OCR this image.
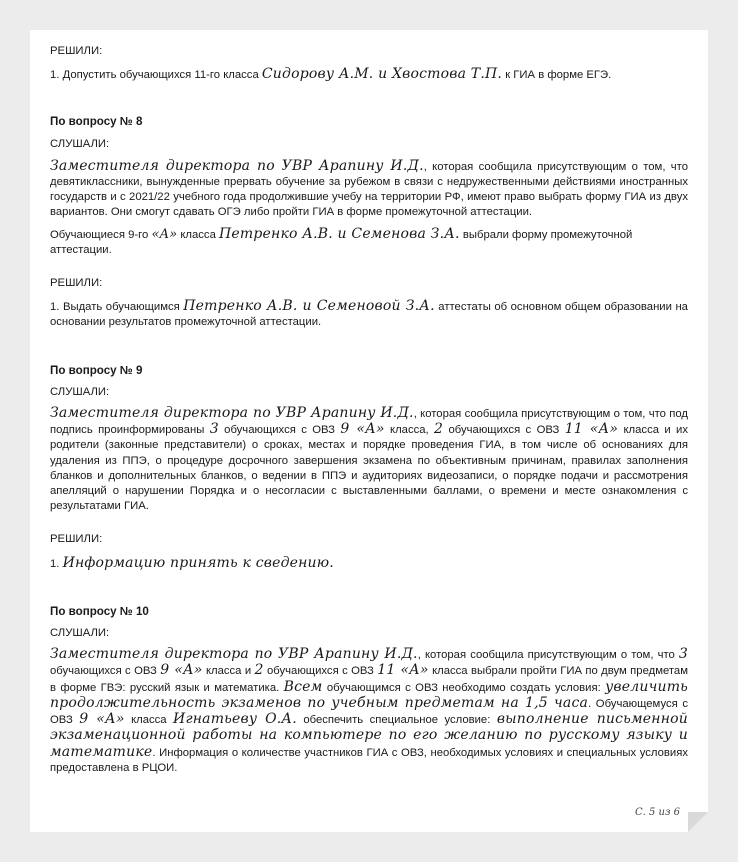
РЕШИЛИ:

1. Допустить обучающихся 11-го класса Сидорову А.М. и Хвостова Т.П. к ГИА в форме ЕГЭ.

По вопросу № 8

СЛУШАЛИ:

Заместителя директора по УВР Арапину И.Д., которая сообщила присутствующим о том, что девятиклассники, вынужденные прервать обучение за рубежом в связи с недружественными действиями иностранных государств и с 2021/22 учебного года продолжившие учебу на территории РФ, имеют право выбрать форму ГИА из двух вариантов. Они смогут сдавать ОГЭ либо пройти ГИА в форме промежуточной аттестации.

Обучающиеся 9-го «А» класса Петренко А.В. и Семенова З.А. выбрали форму промежуточной аттестации.

РЕШИЛИ:

1. Выдать обучающимся Петренко А.В. и Семеновой З.А. аттестаты об основном общем образовании на основании результатов промежуточной аттестации.

По вопросу № 9

СЛУШАЛИ:

Заместителя директора по УВР Арапину И.Д., которая сообщила присутствующим о том, что под подпись проинформированы 3 обучающихся с ОВЗ 9 «А» класса, 2 обучающихся с ОВЗ 11 «А» класса и их родители (законные представители) о сроках, местах и порядке проведения ГИА, в том числе об основаниях для удаления из ППЭ, о процедуре досрочного завершения экзамена по объективным причинам, правилах заполнения бланков и дополнительных бланков, о ведении в ППЭ и аудиториях видеозаписи, о порядке подачи и рассмотрения апелляций о нарушении Порядка и о несогласии с выставленными баллами, о времени и месте ознакомления с результатами ГИА.

РЕШИЛИ:

1. Информацию принять к сведению.

По вопросу № 10

СЛУШАЛИ:

Заместителя директора по УВР Арапину И.Д., которая сообщила присутствующим о том, что 3 обучающихся с ОВЗ 9 «А» класса и 2 обучающихся с ОВЗ 11 «А» класса выбрали пройти ГИА по двум предметам в форме ГВЭ: русский язык и математика. Всем обучающимся с ОВЗ необходимо создать условия: увеличить продолжительность экзаменов по учебным предметам на 1,5 часа. Обучающемуся с ОВЗ 9 «А» класса Игнатьеву О.А. обеспечить специальное условие: выполнение письменной экзаменационной работы на компьютере по его желанию по русскому языку и математике. Информация о количестве участников ГИА с ОВЗ, необходимых условиях и специальных условиях предоставлена в РЦОИ.

С. 5 из 6
